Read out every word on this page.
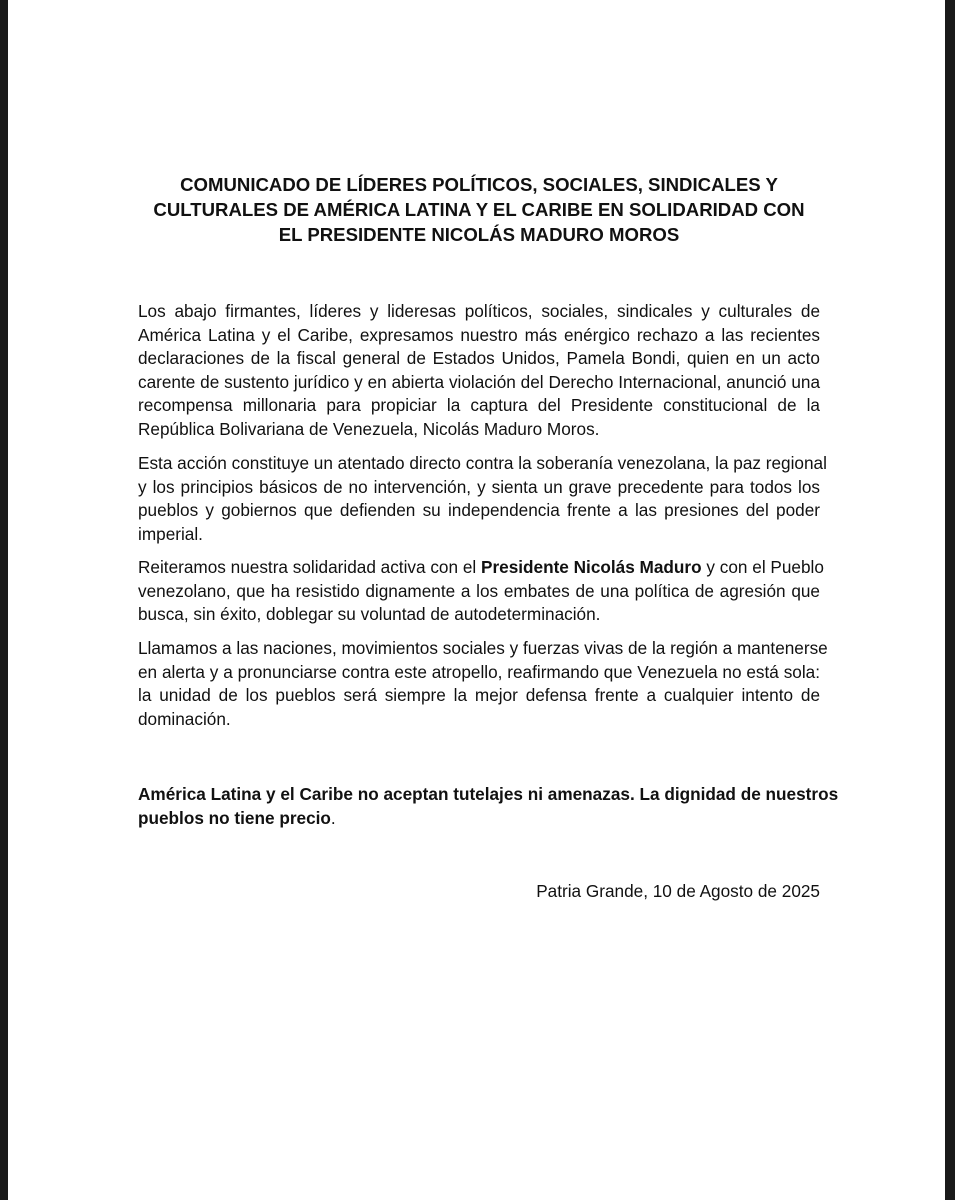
COMUNICADO DE LÍDERES POLÍTICOS, SOCIALES, SINDICALES Y
CULTURALES DE AMÉRICA LATINA Y EL CARIBE EN SOLIDARIDAD CON
EL PRESIDENTE NICOLÁS MADURO MOROS

Los abajo firmantes, líderes y lideresas políticos, sociales, sindicales y culturales de
América Latina y el Caribe, expresamos nuestro más enérgico rechazo a las recientes
declaraciones de la fiscal general de Estados Unidos, Pamela Bondi, quien en un acto
carente de sustento jurídico y en abierta violación del Derecho Internacional, anunció una
recompensa millonaria para propiciar la captura del Presidente constitucional de la
República Bolivariana de Venezuela, Nicolás Maduro Moros.

Esta acción constituye un atentado directo contra la soberanía venezolana, la paz regional
y los principios básicos de no intervención, y sienta un grave precedente para todos los
pueblos y gobiernos que defienden su independencia frente a las presiones del poder
imperial.

Reiteramos nuestra solidaridad activa con el Presidente Nicolás Maduro y con el Pueblo
venezolano, que ha resistido dignamente a los embates de una política de agresión que
busca, sin éxito, doblegar su voluntad de autodeterminación.

Llamamos a las naciones, movimientos sociales y fuerzas vivas de la región a mantenerse
en alerta y a pronunciarse contra este atropello, reafirmando que Venezuela no está sola:
la unidad de los pueblos será siempre la mejor defensa frente a cualquier intento de
dominación.

América Latina y el Caribe no aceptan tutelajes ni amenazas. La dignidad de nuestros
pueblos no tiene precio.

Patria Grande, 10 de Agosto de 2025
